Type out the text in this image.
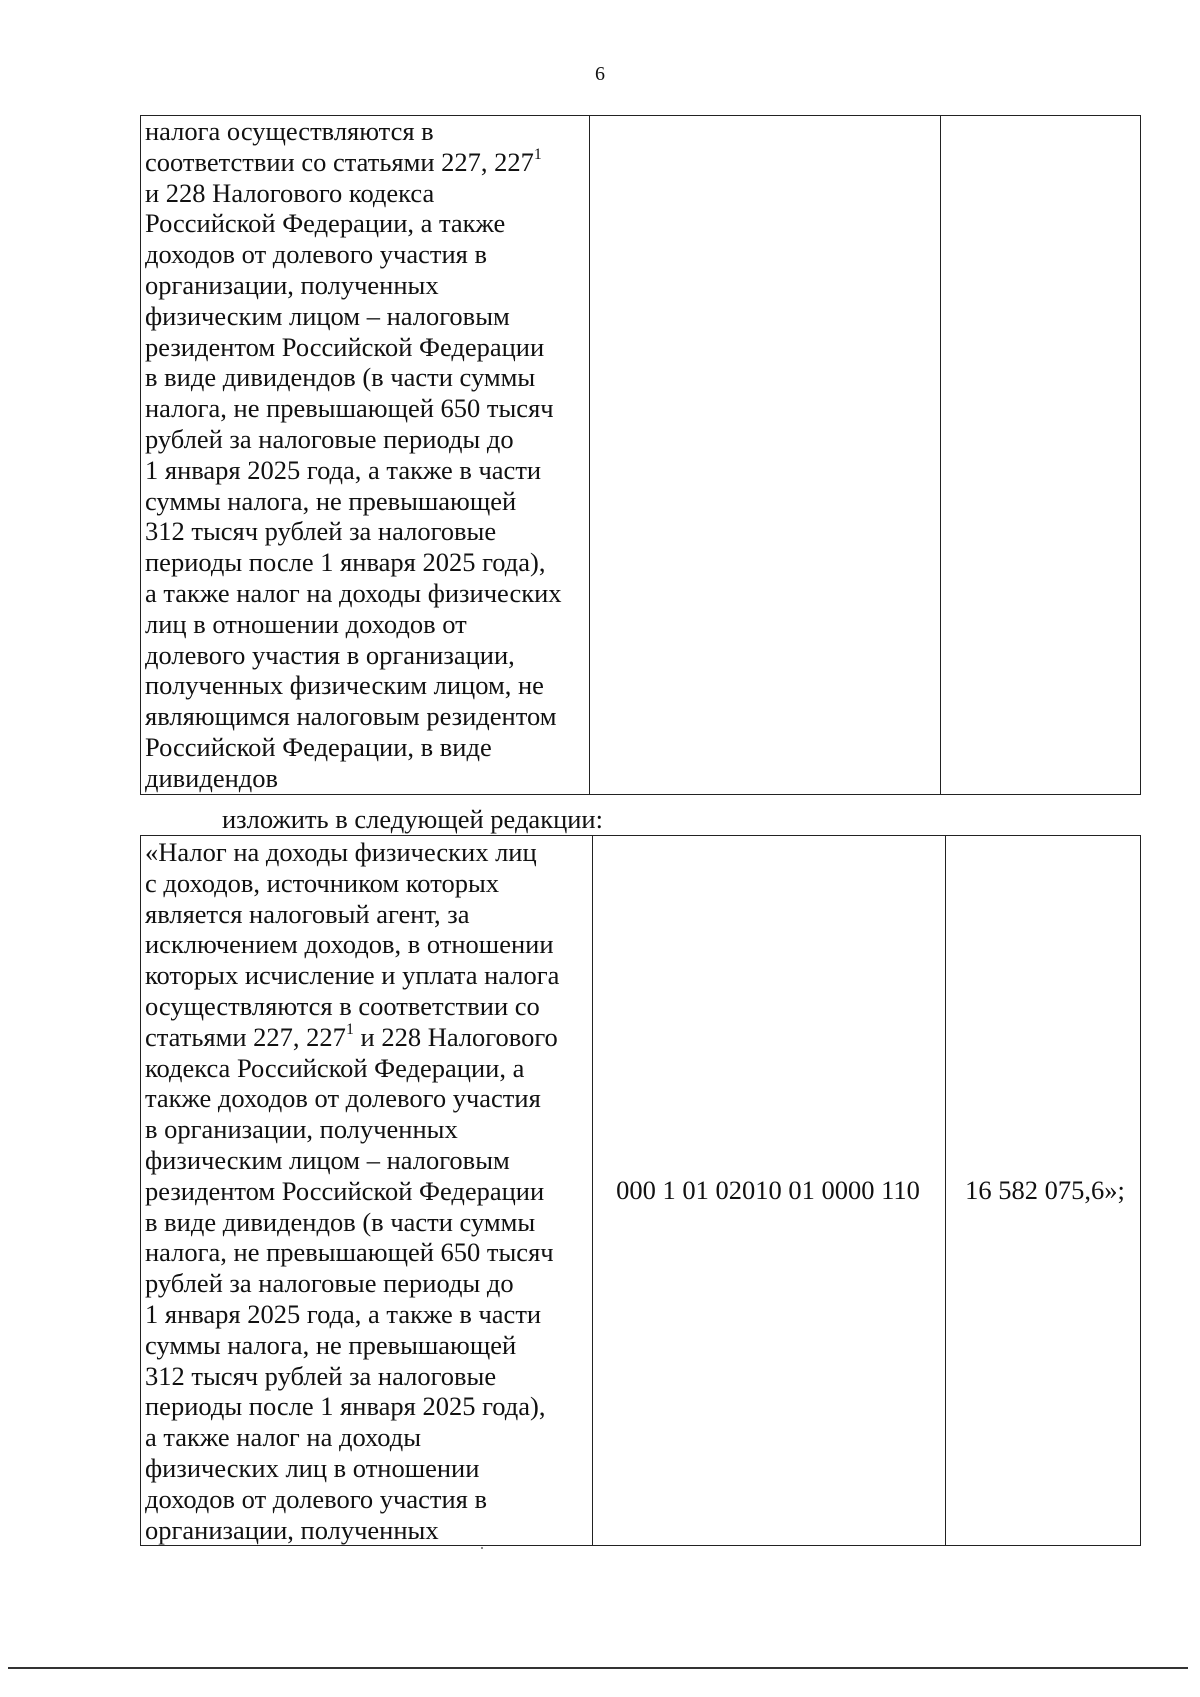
6
налога осуществляются в
соответствии со статьями 227, $227^1$
и 228 Налогового кодекса
Российской Федерации, а также
доходов от долевого участия в
организации, полученных
физическим лицом – налоговым
резидентом Российской Федерации
в виде дивидендов (в части суммы
налога, не превышающей 650 тысяч
рублей за налоговые периоды до
1 января 2025 года, а также в части
суммы налога, не превышающей
312 тысяч рублей за налоговые
периоды после 1 января 2025 года),
а также налог на доходы физических
лиц в отношении доходов от
долевого участия в организации,
полученных физическим лицом, не
являющимся налоговым резидентом
Российской Федерации, в виде
дивидендов		
изложить в следующей редакции:
«Налог на доходы физических лиц
с доходов, источником которых
является налоговый агент, за
исключением доходов, в отношении
которых исчисление и уплата налога
осуществляются в соответствии со
статьями 227, $227^1$ и 228 Налогового
кодекса Российской Федерации, а
также доходов от долевого участия
в организации, полученных
физическим лицом – налоговым
резидентом Российской Федерации
в виде дивидендов (в части суммы
налога, не превышающей 650 тысяч
рублей за налоговые периоды до
1 января 2025 года, а также в части
суммы налога, не превышающей
312 тысяч рублей за налоговые
периоды после 1 января 2025 года),
а также налог на доходы
физических лиц в отношении
доходов от долевого участия в
организации, полученных	000 1 01 02010 01 0000 110	16 582 075,6»;
